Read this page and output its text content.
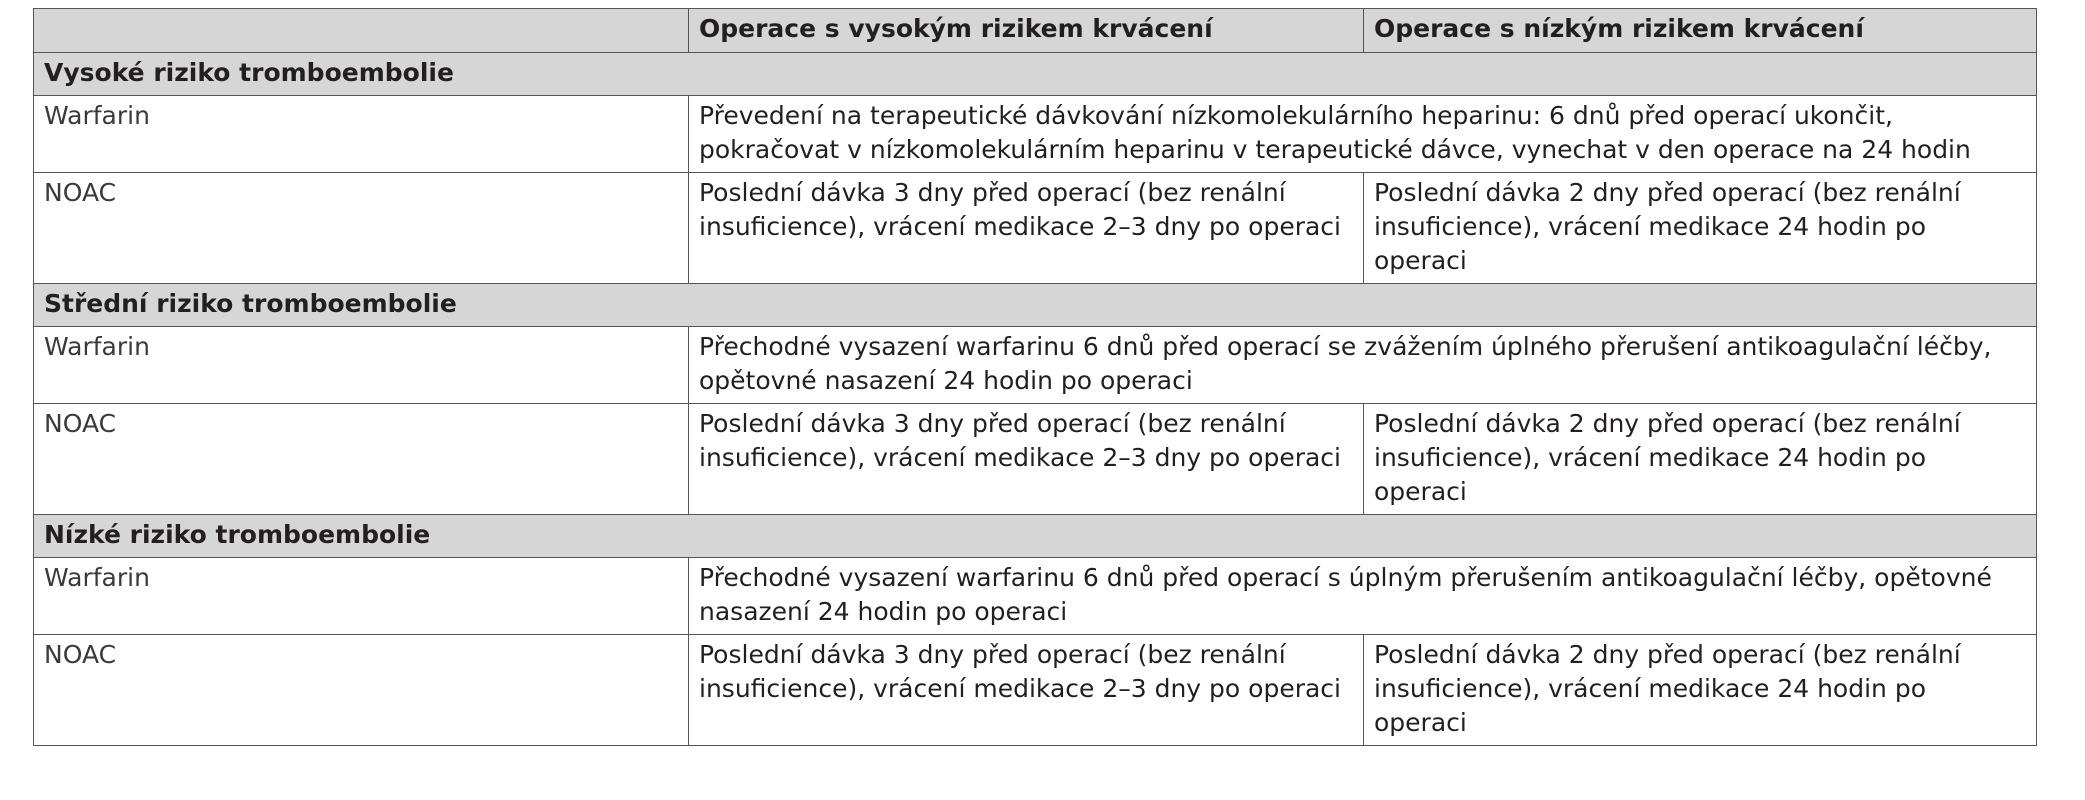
	Operace s vysokým rizikem krvácení	Operace s nízkým rizikem krvácení
Vysoké riziko tromboembolie		
Warfarin	Převedení na terapeutické dávkování nízkomolekulárního heparinu: 6 dnů před operací ukončit, pokračovat v nízkomolekulárním heparinu v terapeutické dávce, vynechat v den operace na 24 hodin	
NOAC	Poslední dávka 3 dny před operací (bez renální insuficience), vrácení medikace 2–3 dny po operaci	Poslední dávka 2 dny před operací (bez renální insuficience), vrácení medikace 24 hodin po operaci
Střední riziko tromboembolie		
Warfarin	Přechodné vysazení warfarinu 6 dnů před operací se zvážením úplného přerušení antikoagulační léčby, opětovné nasazení 24 hodin po operaci	
NOAC	Poslední dávka 3 dny před operací (bez renální insuficience), vrácení medikace 2–3 dny po operaci	Poslední dávka 2 dny před operací (bez renální insuficience), vrácení medikace 24 hodin po operaci
Nízké riziko tromboembolie		
Warfarin	Přechodné vysazení warfarinu 6 dnů před operací s úplným přerušením antikoagulační léčby, opětovné nasazení 24 hodin po operaci	
NOAC	Poslední dávka 3 dny před operací (bez renální insuficience), vrácení medikace 2–3 dny po operaci	Poslední dávka 2 dny před operací (bez renální insuficience), vrácení medikace 24 hodin po operaci
